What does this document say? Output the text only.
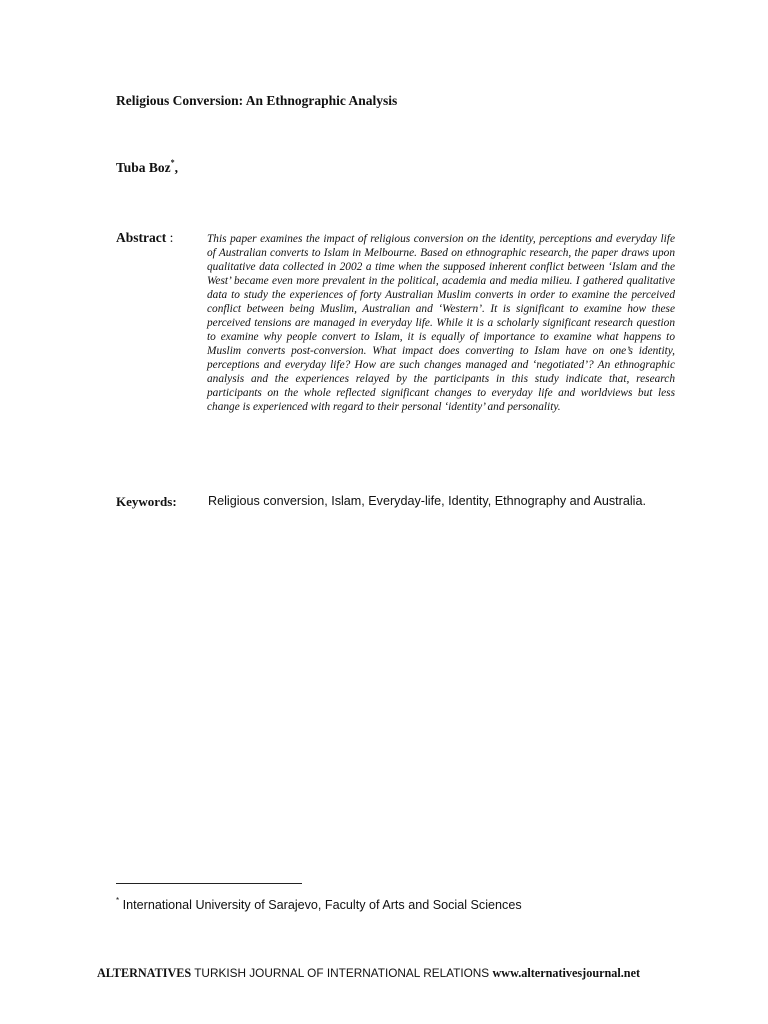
Religious Conversion: An Ethnographic Analysis
Tuba Boz*,
Abstract :	This paper examines the impact of religious conversion on the identity, perceptions and everyday life of Australian converts to Islam in Melbourne. Based on ethnographic research, the paper draws upon qualitative data collected in 2002 a time when the supposed inherent conflict between ‘Islam and the West’ became even more prevalent in the political, academia and media milieu. I gathered qualitative data to study the experiences of forty Australian Muslim converts in order to examine the perceived conflict between being Muslim, Australian and ‘Western’. It is significant to examine how these perceived tensions are managed in everyday life. While it is a scholarly significant research question to examine why people convert to Islam, it is equally of importance to examine what happens to Muslim converts post-conversion. What impact does converting to Islam have on one’s identity, perceptions and everyday life? How are such changes managed and ‘negotiated’? An ethnographic analysis and the experiences relayed by the participants in this study indicate that, research participants on the whole reflected significant changes to everyday life and worldviews but less change is experienced with regard to their personal ‘identity’ and personality.

Keywords: Religious conversion, Islam, Everyday-life, Identity, Ethnography and Australia.
* International University of Sarajevo, Faculty of Arts and Social Sciences
ALTERNATIVES TURKISH JOURNAL OF INTERNATIONAL RELATIONS www.alternativesjournal.net
